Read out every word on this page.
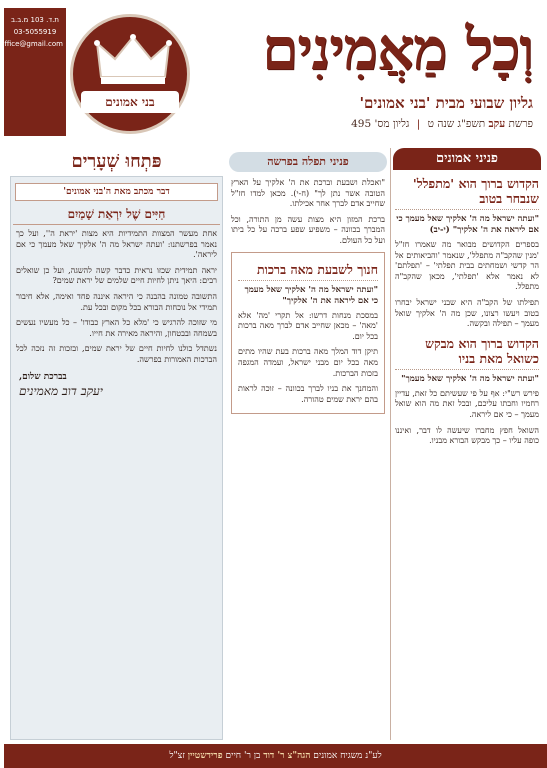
וְכָל מַאֲמִינִים
גליון שבועי מבית 'בני אמונים'
פרשת עקב תשפ"ג שנה ט | גליון מס' 495
בני אמונים
ת.ד. 103 מ.ב.ב
03-5055919
office@gmail.com
פניני אמונים
הקדוש ברוך הוא 'מתפלל' שנבחר בטוב
"ועתה ישראל מה ה' אלקיך שאל מעמך כי אם ליראה את ה' אלקיך" (י-יב)
בספרים הקדושים מבואר מה שאמרו חז"ל 'מנין שהקב"ה מתפלל', שנאמר 'והביאותים אל הר קדשי ושמחתים בבית תפלתי' – 'תפלתם' לא נאמר אלא 'תפלתי', מכאן שהקב"ה מתפלל.
תפילתו של הקב"ה היא שבני ישראל יבחרו בטוב ויעשו רצונו, שכן מה ה' אלקיך שואל מעמך – תפילה ובקשה.
הקדוש ברוך הוא מבקש כשואל מאת בניו
"ועתה ישראל מה ה' אלקיך שאל מעמך"
פירש רש"י: אף על פי שעשיתם כל זאת, עדיין רחמיו וחבתו עליכם, ובכל זאת מה הוא שואל מעמך – כי אם ליראה.
השואל חפץ מחברו שיעשה לו דבר, ואיננו כופה עליו – כך מבקש הבורא מבניו.
פניני תפלה בפרשה
"ואכלת ושבעת וברכת את ה' אלקיך על הארץ הטובה אשר נתן לך" (ח-י). מכאן למדו חז"ל שחייב אדם לברך אחר אכילתו.
ברכת המזון היא מצות עשה מן התורה, וכל המברך בכוונה – משפיע שפע ברכה על כל ביתו ועל כל העולם.
חנוך לשבעת מאה ברכות
"ועתה ישראל מה ה' אלקיך שאל מעמך כי אם ליראה את ה' אלקיך"
במסכת מנחות דרשו: אל תקרי 'מה' אלא 'מאה' – מכאן שחייב אדם לברך מאה ברכות בכל יום.
תיקן דוד המלך מאה ברכות בעת שהיו מתים מאה בכל יום מבני ישראל, ועמדה המגפה בזכות הברכות.
והמחנך את בניו לברך בכוונה – זוכה לראות בהם יראת שמים טהורה.
פּתְחוּ שְׁעָרִים
דבר מכתב מאת ה'בני אמונים'
חַיִּים שֶׁל יִרְאַת שָׁמַיִם
אחת מעשר המצוות התמידיות היא מצות 'יראת ה'', ועל כך נאמר בפרשתנו: 'ועתה ישראל מה ה' אלקיך שאל מעמך כי אם ליראה'.
יראה תמידית שכזו נראית כדבר קשה להשגה, ועל כן שואלים רבים: היאך ניתן לחיות חיים שלמים של יראת שמים?
התשובה טמונה בהבנה כי היראה איננה פחד ואימה, אלא חיבור תמידי אל נוכחות הבורא בכל מקום ובכל עת.
מי שזוכה להרגיש כי 'מלא כל הארץ כבודו' – כל מעשיו נעשים בשמחה ובבטחון, והיראה מאירה את חייו.
נשתדל כולנו לחיות חיים של יראת שמים, ובזכות זה נזכה לכל הברכות האמורות בפרשה.
בברכת שלום,
יעקב דוב מאמינים
לע"נ משגיח אמונים הגה"צ ר' דוד בן ר' חיים פרידשטיין זצ"ל
